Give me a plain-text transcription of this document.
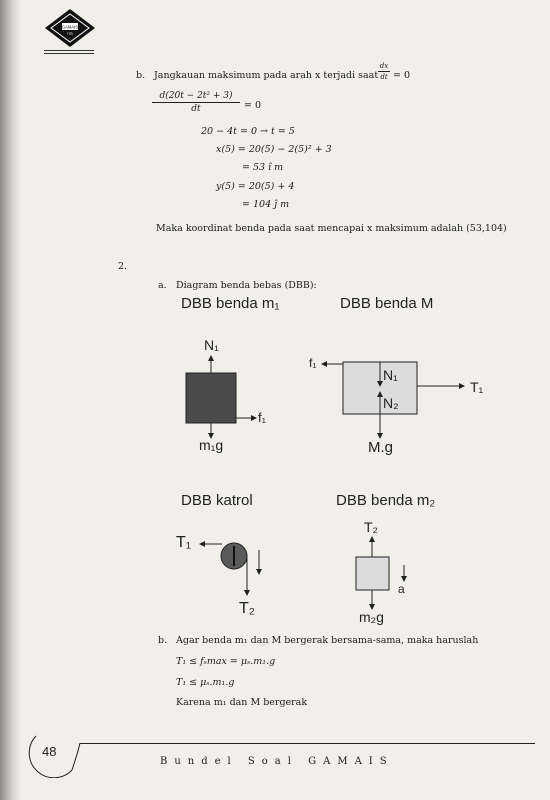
GAMAIS
ITB
b. Jangkauan maksimum pada arah x terjadi saat
dx
dt = 0
d(20t − 2t² + 3)
dt	= 0
20 − 4t = 0 → t = 5
x(5) = 20(5) − 2(5)² + 3
= 53 î m
y(5) = 20(5) + 4
= 104 ĵ m
Maka koordinat benda pada saat mencapai x maksimum adalah (53,104)
2.
a. Diagram benda bebas (DBB):
DBB benda m₁	DBB benda M
DBB katrol	DBB benda m₂
N₁
f₁
m₁g
f₁
N₁
N₂
T₁
M.g
T₁
T₂
T₂
a
m₂g
b. Agar benda m₁ dan M bergerak bersama-sama, maka haruslah
T₁ ≤ fₛmax = μₛ.m₁.g
T₁ ≤ μₛ.m₁.g
Karena m₁ dan M bergerak
48
Bundel Soal GAMAIS
